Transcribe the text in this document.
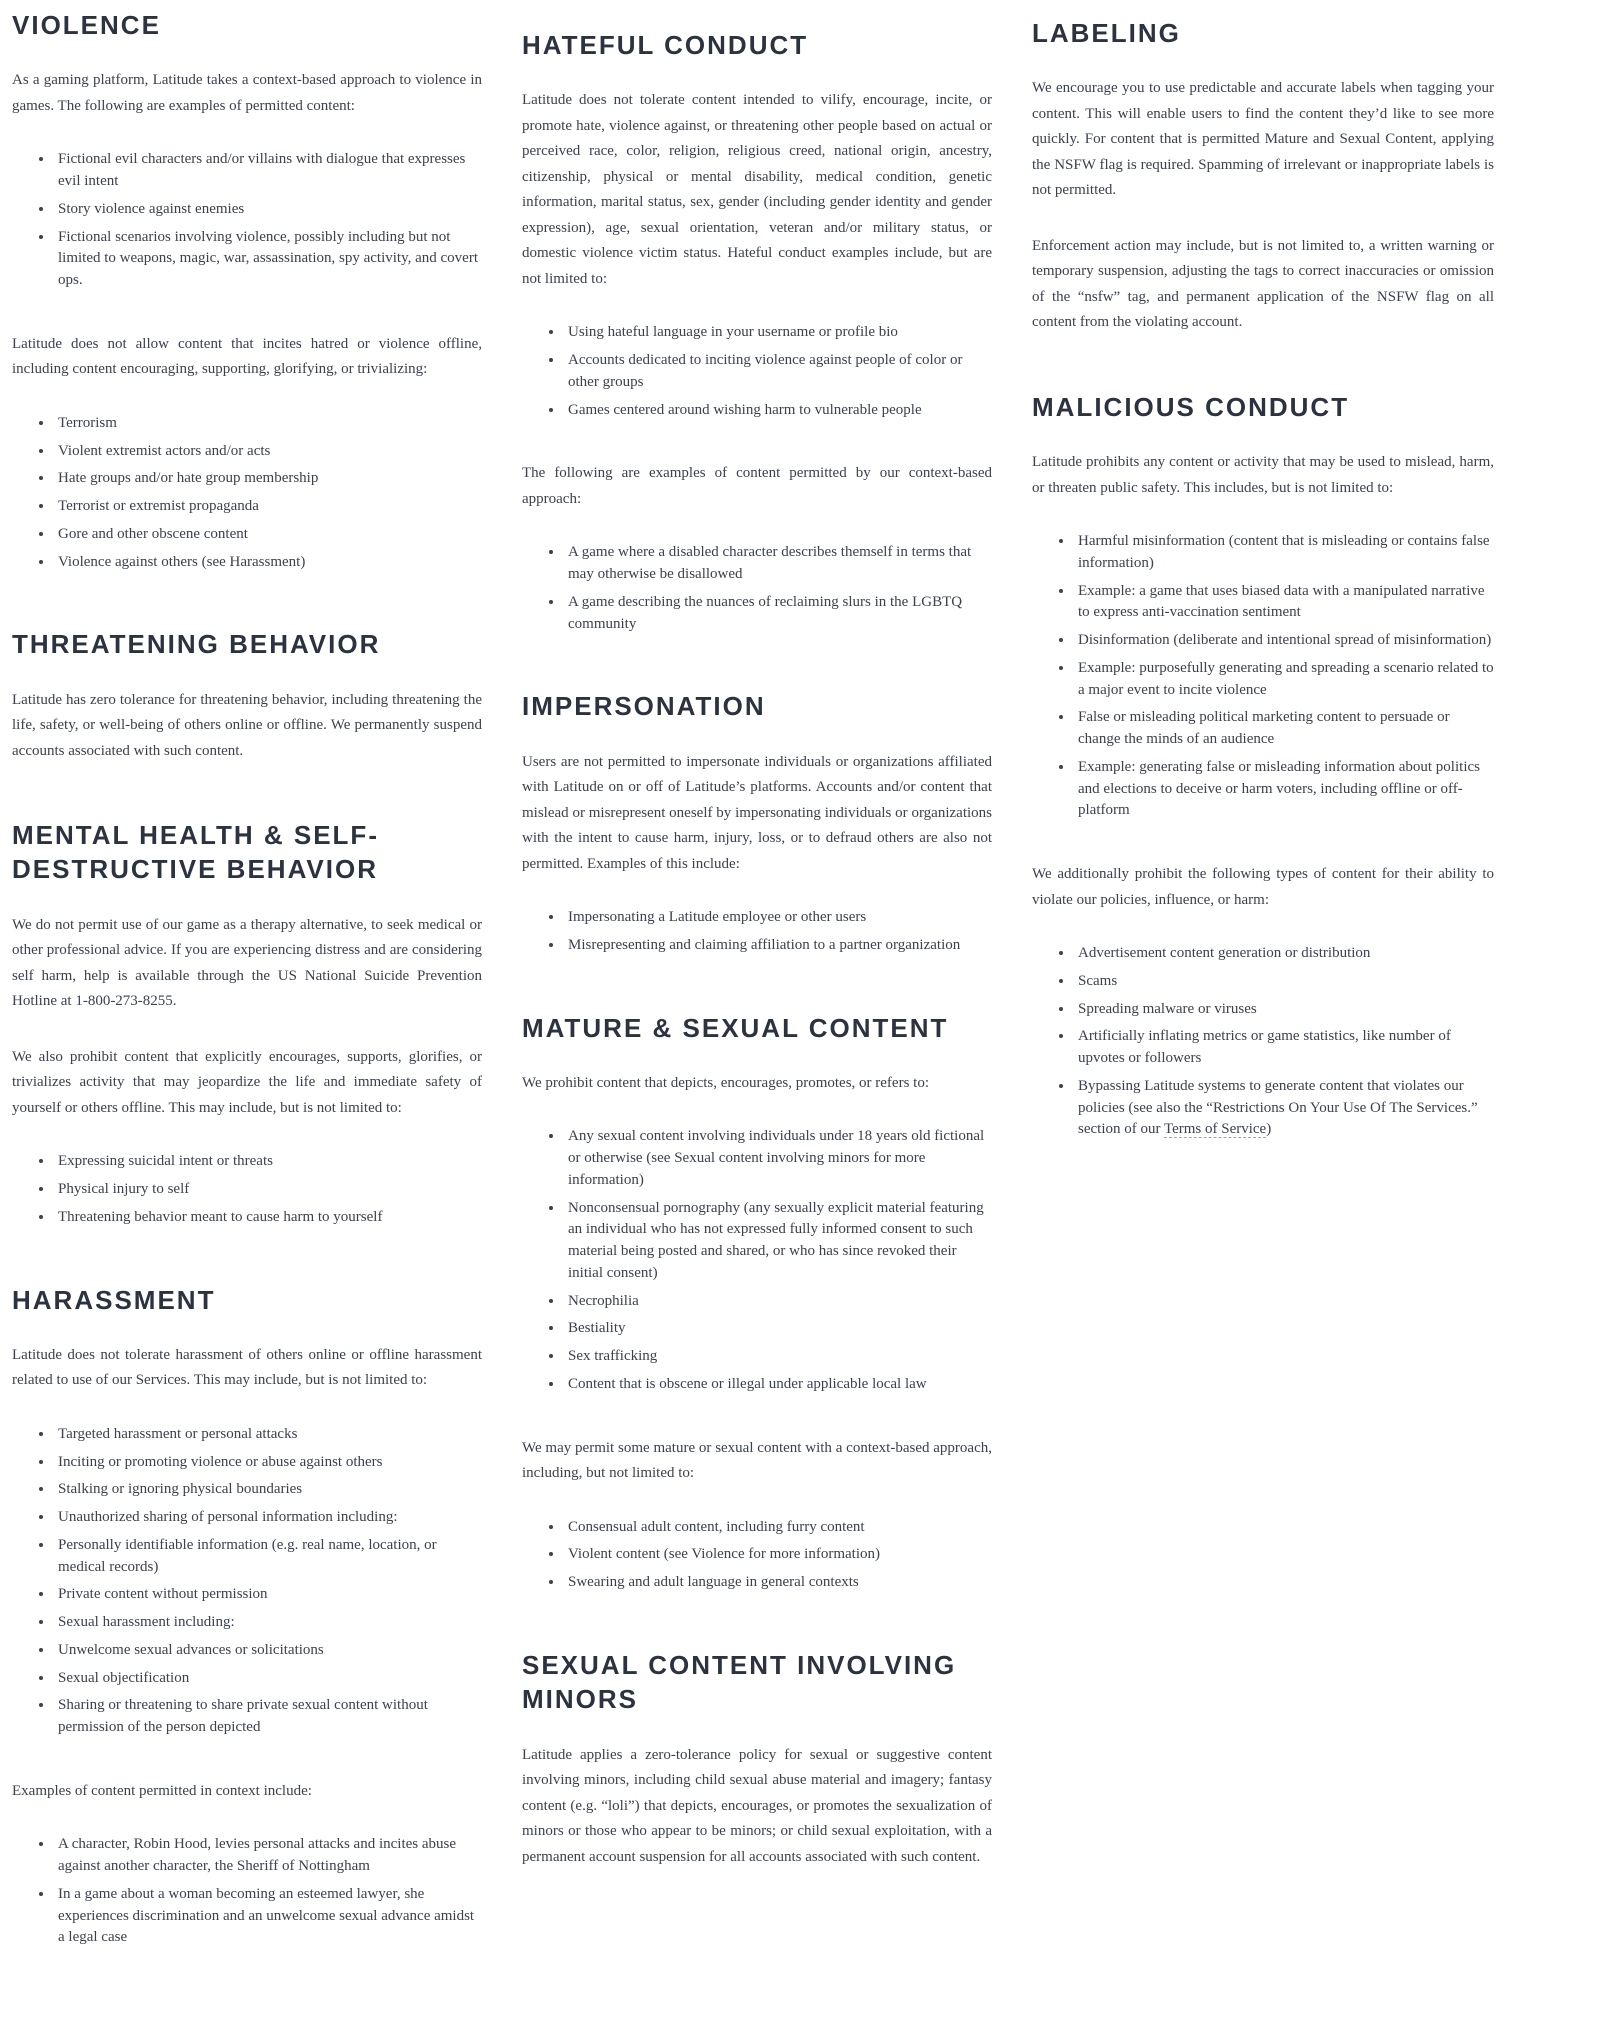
VIOLENCE

As a gaming platform, Latitude takes a context-based approach to violence in games. The following are examples of permitted content:

• Fictional evil characters and/or villains with dialogue that expresses evil intent
• Story violence against enemies
• Fictional scenarios involving violence, possibly including but not limited to weapons, magic, war, assassination, spy activity, and covert ops.

Latitude does not allow content that incites hatred or violence offline, including content encouraging, supporting, glorifying, or trivializing:

• Terrorism
• Violent extremist actors and/or acts
• Hate groups and/or hate group membership
• Terrorist or extremist propaganda
• Gore and other obscene content
• Violence against others (see Harassment)
THREATENING BEHAVIOR

Latitude has zero tolerance for threatening behavior, including threatening the life, safety, or well-being of others online or offline. We permanently suspend accounts associated with such content.

MENTAL HEALTH & SELF-DESTRUCTIVE BEHAVIOR

We do not permit use of our game as a therapy alternative, to seek medical or other professional advice. If you are experiencing distress and are considering self harm, help is available through the US National Suicide Prevention Hotline at 1-800-273-8255.

We also prohibit content that explicitly encourages, supports, glorifies, or trivializes activity that may jeopardize the life and immediate safety of yourself or others offline. This may include, but is not limited to:

• Expressing suicidal intent or threats
• Physical injury to self
• Threatening behavior meant to cause harm to yourself
HARASSMENT

Latitude does not tolerate harassment of others online or offline harassment related to use of our Services. This may include, but is not limited to:

• Targeted harassment or personal attacks
• Inciting or promoting violence or abuse against others
• Stalking or ignoring physical boundaries
• Unauthorized sharing of personal information including:
• Personally identifiable information (e.g. real name, location, or medical records)
• Private content without permission
• Sexual harassment including:
• Unwelcome sexual advances or solicitations
• Sexual objectification
• Sharing or threatening to share private sexual content without permission of the person depicted

Examples of content permitted in context include:

• A character, Robin Hood, levies personal attacks and incites abuse against another character, the Sheriff of Nottingham
• In a game about a woman becoming an esteemed lawyer, she experiences discrimination and an unwelcome sexual advance amidst a legal case
HATEFUL CONDUCT

Latitude does not tolerate content intended to vilify, encourage, incite, or promote hate, violence against, or threatening other people based on actual or perceived race, color, religion, religious creed, national origin, ancestry, citizenship, physical or mental disability, medical condition, genetic information, marital status, sex, gender (including gender identity and gender expression), age, sexual orientation, veteran and/or military status, or domestic violence victim status. Hateful conduct examples include, but are not limited to:

• Using hateful language in your username or profile bio
• Accounts dedicated to inciting violence against people of color or other groups
• Games centered around wishing harm to vulnerable people

The following are examples of content permitted by our context-based approach:

• A game where a disabled character describes themself in terms that may otherwise be disallowed
• A game describing the nuances of reclaiming slurs in the LGBTQ community
IMPERSONATION

Users are not permitted to impersonate individuals or organizations affiliated with Latitude on or off of Latitude’s platforms. Accounts and/or content that mislead or misrepresent oneself by impersonating individuals or organizations with the intent to cause harm, injury, loss, or to defraud others are also not permitted. Examples of this include:

• Impersonating a Latitude employee or other users
• Misrepresenting and claiming affiliation to a partner organization
MATURE & SEXUAL CONTENT

We prohibit content that depicts, encourages, promotes, or refers to:

• Any sexual content involving individuals under 18 years old fictional or otherwise (see Sexual content involving minors for more information)
• Nonconsensual pornography (any sexually explicit material featuring an individual who has not expressed fully informed consent to such material being posted and shared, or who has since revoked their initial consent)
• Necrophilia
• Bestiality
• Sex trafficking
• Content that is obscene or illegal under applicable local law

We may permit some mature or sexual content with a context-based approach, including, but not limited to:

• Consensual adult content, including furry content
• Violent content (see Violence for more information)
• Swearing and adult language in general contexts
SEXUAL CONTENT INVOLVING MINORS

Latitude applies a zero-tolerance policy for sexual or suggestive content involving minors, including child sexual abuse material and imagery; fantasy content (e.g. “loli”) that depicts, encourages, or promotes the sexualization of minors or those who appear to be minors; or child sexual exploitation, with a permanent account suspension for all accounts associated with such content.

LABELING

We encourage you to use predictable and accurate labels when tagging your content. This will enable users to find the content they’d like to see more quickly. For content that is permitted Mature and Sexual Content, applying the NSFW flag is required. Spamming of irrelevant or inappropriate labels is not permitted.

Enforcement action may include, but is not limited to, a written warning or temporary suspension, adjusting the tags to correct inaccuracies or omission of the “nsfw” tag, and permanent application of the NSFW flag on all content from the violating account.

MALICIOUS CONDUCT

Latitude prohibits any content or activity that may be used to mislead, harm, or threaten public safety. This includes, but is not limited to:

• Harmful misinformation (content that is misleading or contains false information)
• Example: a game that uses biased data with a manipulated narrative to express anti-vaccination sentiment
• Disinformation (deliberate and intentional spread of misinformation)
• Example: purposefully generating and spreading a scenario related to a major event to incite violence
• False or misleading political marketing content to persuade or change the minds of an audience
• Example: generating false or misleading information about politics and elections to deceive or harm voters, including offline or off-platform

We additionally prohibit the following types of content for their ability to violate our policies, influence, or harm:

• Advertisement content generation or distribution
• Scams
• Spreading malware or viruses
• Artificially inflating metrics or game statistics, like number of upvotes or followers
• Bypassing Latitude systems to generate content that violates our policies (see also the “Restrictions On Your Use Of The Services.” section of our Terms of Service)
